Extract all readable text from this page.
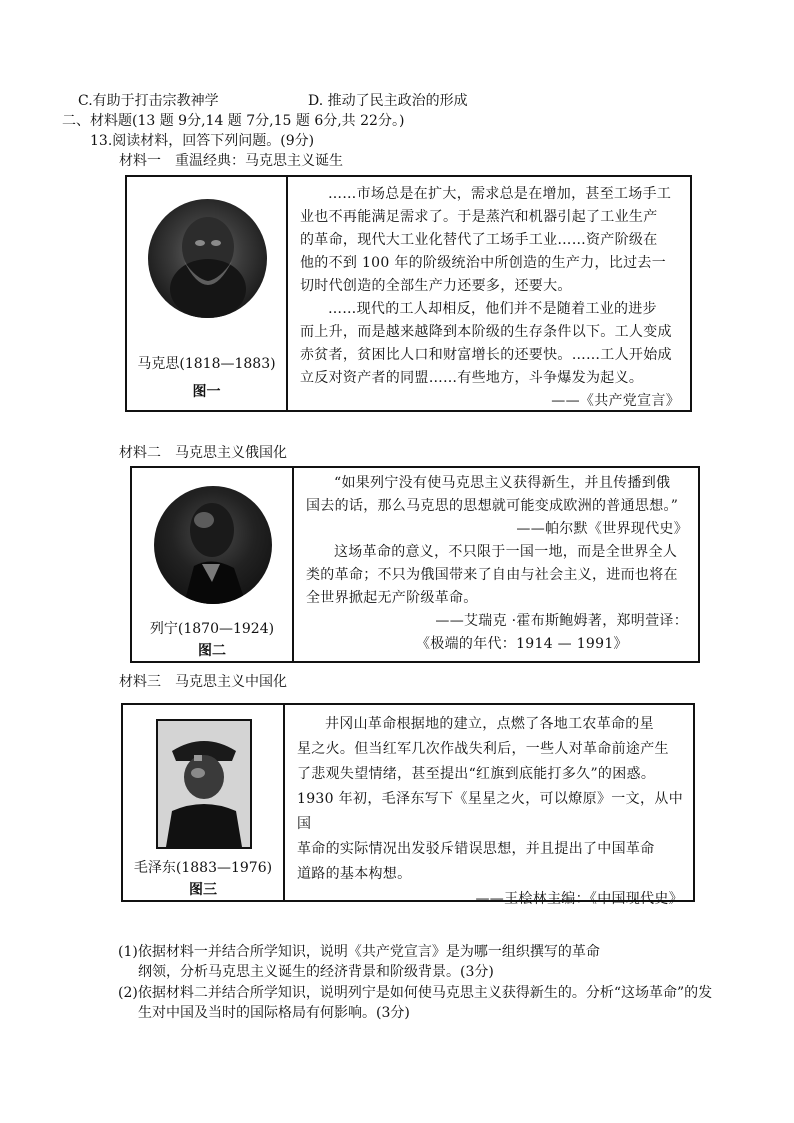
C.有助于打击宗教神学	D. 推动了民主政治的形成
二、材料题(13 题 9分,14 题 7分,15 题 6分,共 22分。)
13.阅读材料，回答下列问题。(9分)
材料一　重温经典：马克思主义诞生
马克思(1818—1883)
图一

……市场总是在扩大，需求总是在增加，甚至工场手工

业也不再能满足需求了。于是蒸汽和机器引起了工业生产

的革命，现代大工业化替代了工场手工业……资产阶级在

他的不到 100 年的阶级统治中所创造的生产力，比过去一

切时代创造的全部生产力还要多，还要大。

……现代的工人却相反，他们并不是随着工业的进步

而上升，而是越来越降到本阶级的生存条件以下。工人变成

赤贫者，贫困比人口和财富增长的还要快。……工人开始成

立反对资产者的同盟……有些地方，斗争爆发为起义。

——《共产党宣言》

材料二　马克思主义俄国化
列宁(1870—1924)
图二

“如果列宁没有使马克思主义获得新生，并且传播到俄

国去的话，那么马克思的思想就可能变成欧洲的普通思想。”

——帕尔默《世界现代史》

这场革命的意义，不只限于一国一地，而是全世界全人

类的革命；不只为俄国带来了自由与社会主义，进而也将在

全世界掀起无产阶级革命。

——艾瑞克 ·霍布斯鲍姆著，郑明萱译：

《极端的年代：1914 — 1991》

材料三　马克思主义中国化
毛泽东(1883—1976)
图三

井冈山革命根据地的建立，点燃了各地工农革命的星

星之火。但当红军几次作战失利后，一些人对革命前途产生

了悲观失望情绪，甚至提出“红旗到底能打多久”的困惑。

1930 年初，毛泽东写下《星星之火，可以燎原》一文，从中国

革命的实际情况出发驳斥错误思想，并且提出了中国革命

道路的基本构想。

——王桧林主编：《中国现代史》

(1)依据材料一并结合所学知识，说明《共产党宣言》是为哪一组织撰写的革命
纲领，分析马克思主义诞生的经济背景和阶级背景。(3分)
(2)依据材料二并结合所学知识，说明列宁是如何使马克思主义获得新生的。分析“这场革命”的发
生对中国及当时的国际格局有何影响。(3分)
